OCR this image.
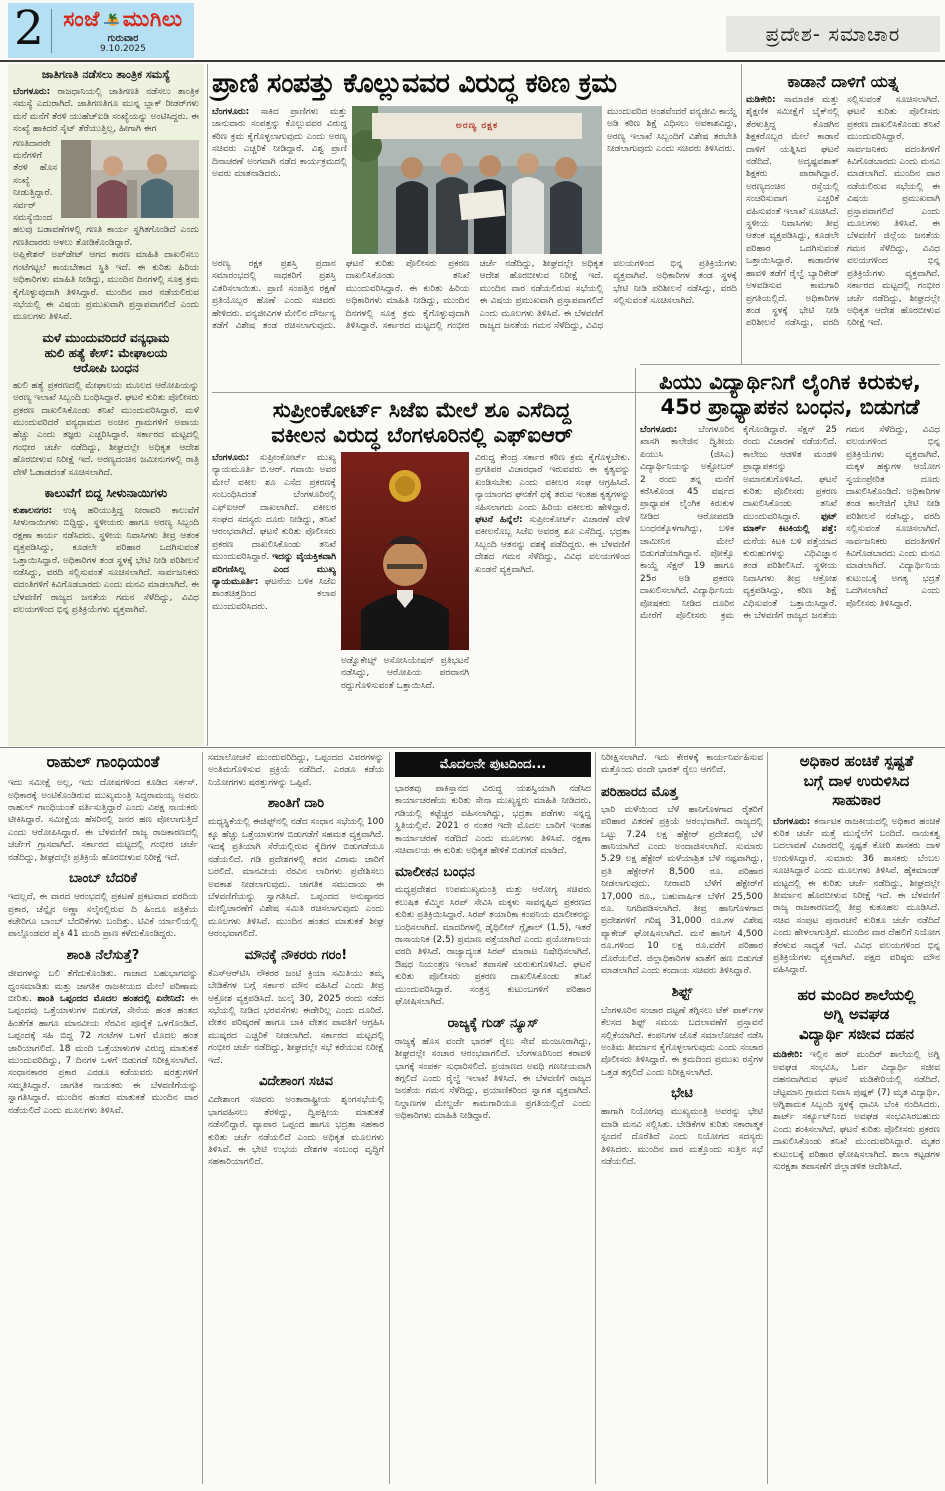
2 ಸಂಜೆ ಮುಗಿಲು
ಗುರುವಾರ
9.10.2025
ಪ್ರದೇಶ- ಸಮಾಚಾರ
ಜಾತಿಗಣತಿ ನಡೆಸಲು ತಾಂತ್ರಿಕ ಸಮಸ್ಯೆ
ಬೆಂಗಳೂರು: ರಾಜಧಾನಿಯಲ್ಲಿ ಜಾತಿಗಣತಿ ನಡೆಸಲು ತಾಂತ್ರಿಕ ಸಮಸ್ಯೆ ಎದುರಾಗಿದೆ. ಜಾತಿಗಣತಿಗೂ ಮುನ್ನ ಬ್ಲಾಕ್ ರೀಡರ್‌ಗಳು ಮನೆ ಮನೆಗೆ ತೆರಳಿ ಯುಹೆಚ್‌ಐಡಿ ಸಂಖ್ಯೆಯನ್ನು ಅಂಟಿಸಿದ್ದರು. ಈ ಸಂಖ್ಯೆ ಹಾಕಿದರೆ ಸೈಟ್ ತೆರೆಯುತ್ತಿಲ್ಲ, ಹೀಗಾಗಿ ಈಗ
ಗಣತಿದಾರರೇ ಮನೆಗಳಿಗೆ ತೆರಳಿ ಹೊಸ ಸಂಖ್ಯೆ ನೀಡುತ್ತಿದ್ದಾರೆ. ಸರ್ವರ್ ಸಮಸ್ಯೆಯಿಂದ ಹಲವು ಬಡಾವಣೆಗಳಲ್ಲಿ ಗಣತಿ ಕಾರ್ಯ ಸ್ಥಗಿತಗೊಂಡಿದೆ ಎಂದು ಗಣತಿದಾರರು ಅಳಲು ತೋಡಿಕೊಂಡಿದ್ದಾರೆ.
ಅಪ್ಲಿಕೇಶನ್ ಅಪ್‌ಡೇಟ್ ಆಗದ ಕಾರಣ ಮಾಹಿತಿ ದಾಖಲಿಸಲು ಗಂಟೆಗಟ್ಟಲೆ ಕಾಯಬೇಕಾದ ಸ್ಥಿತಿ ಇದೆ. ಈ ಕುರಿತು ಹಿರಿಯ ಅಧಿಕಾರಿಗಳು ಮಾಹಿತಿ ನೀಡಿದ್ದು, ಮುಂದಿನ ದಿನಗಳಲ್ಲಿ ಸೂಕ್ತ ಕ್ರಮ ಕೈಗೊಳ್ಳುವುದಾಗಿ ತಿಳಿಸಿದ್ದಾರೆ. ಮುಂದಿನ ವಾರ ನಡೆಯಲಿರುವ ಸಭೆಯಲ್ಲಿ ಈ ವಿಷಯ ಪ್ರಮುಖವಾಗಿ ಪ್ರಸ್ತಾಪವಾಗಲಿದೆ ಎಂದು ಮೂಲಗಳು ತಿಳಿಸಿವೆ.
ಮಳೆ ಮುಂದುವರಿದರೆ ವನ್ಯಧಾಮ
ಹುಲಿ ಹತ್ಯೆ ಕೇಸ್: ಮೇಘಾಲಯ
ಆರೋಪಿ ಬಂಧನ
ಹುಲಿ ಹತ್ಯೆ ಪ್ರಕರಣದಲ್ಲಿ ಮೇಘಾಲಯ ಮೂಲದ ಆರೋಪಿಯನ್ನು ಅರಣ್ಯ ಇಲಾಖೆ ಸಿಬ್ಬಂದಿ ಬಂಧಿಸಿದ್ದಾರೆ. ಘಟನೆ ಕುರಿತು ಪೊಲೀಸರು ಪ್ರಕರಣ ದಾಖಲಿಸಿಕೊಂಡು ತನಿಖೆ ಮುಂದುವರಿಸಿದ್ದಾರೆ. ಮಳೆ ಮುಂದುವರಿದರೆ ವನ್ಯಧಾಮದ ಅಂಚಿನ ಗ್ರಾಮಗಳಿಗೆ ಅಪಾಯ ಹೆಚ್ಚು ಎಂದು ತಜ್ಞರು ಎಚ್ಚರಿಸಿದ್ದಾರೆ. ಸರ್ಕಾರದ ಮಟ್ಟದಲ್ಲಿ ಗಂಭೀರ ಚರ್ಚೆ ನಡೆದಿದ್ದು, ಶೀಘ್ರದಲ್ಲೇ ಅಧಿಕೃತ ಆದೇಶ ಹೊರಬೀಳುವ ನಿರೀಕ್ಷೆ ಇದೆ. ಅರಣ್ಯದಂಚಿನ ಜಮೀನುಗಳಲ್ಲಿ ರಾತ್ರಿ ವೇಳೆ ಓಡಾಡದಂತೆ ಸೂಚಿಸಲಾಗಿದೆ.
ಕಾಲುವೆಗೆ ಬಿದ್ದ ಸೀಳುನಾಯಿಗಳು
ಕುಶಾಲನಗರ: ಉಕ್ಕಿ ಹರಿಯುತ್ತಿದ್ದ ನೀರಾವರಿ ಕಾಲುವೆಗೆ ಸೀಳುನಾಯಿಗಳು ಬಿದ್ದಿದ್ದು, ಸ್ಥಳೀಯರು ಹಾಗೂ ಅರಣ್ಯ ಸಿಬ್ಬಂದಿ ರಕ್ಷಣಾ ಕಾರ್ಯ ನಡೆಸಿದರು. ಸ್ಥಳೀಯ ನಿವಾಸಿಗಳು ತೀವ್ರ ಆತಂಕ ವ್ಯಕ್ತಪಡಿಸಿದ್ದು, ಕೂಡಲೇ ಪರಿಹಾರ ಒದಗಿಸುವಂತೆ ಒತ್ತಾಯಿಸಿದ್ದಾರೆ. ಅಧಿಕಾರಿಗಳ ತಂಡ ಸ್ಥಳಕ್ಕೆ ಭೇಟಿ ನೀಡಿ ಪರಿಶೀಲನೆ ನಡೆಸಿದ್ದು, ವರದಿ ಸಲ್ಲಿಸುವಂತೆ ಸೂಚಿಸಲಾಗಿದೆ. ಸಾರ್ವಜನಿಕರು ವದಂತಿಗಳಿಗೆ ಕಿವಿಗೊಡಬಾರದು ಎಂದು ಮನವಿ ಮಾಡಲಾಗಿದೆ. ಈ ಬೆಳವಣಿಗೆ ರಾಜ್ಯದ ಜನತೆಯ ಗಮನ ಸೆಳೆದಿದ್ದು, ವಿವಿಧ ವಲಯಗಳಿಂದ ಭಿನ್ನ ಪ್ರತಿಕ್ರಿಯೆಗಳು ವ್ಯಕ್ತವಾಗಿವೆ.
ಪ್ರಾಣಿ ಸಂಪತ್ತು ಕೊಲ್ಲುವವರ ವಿರುದ್ಧ ಕಠಿಣ ಕ್ರಮ
ಅರಣ್ಯ ರಕ್ಷಕ
ಬೆಂಗಳೂರು: ಸಾಕಿದ ಪ್ರಾಣಿಗಳು ಮತ್ತು ಜಾನುವಾರು ಸಂಪತ್ತನ್ನು ಕೊಲ್ಲುವವರ ವಿರುದ್ಧ ಕಠಿಣ ಕ್ರಮ ಕೈಗೊಳ್ಳಲಾಗುವುದು ಎಂದು ಅರಣ್ಯ ಸಚಿವರು ಎಚ್ಚರಿಕೆ ನೀಡಿದ್ದಾರೆ. ವಿಶ್ವ ಪ್ರಾಣಿ ದಿನಾಚರಣೆ ಅಂಗವಾಗಿ ನಡೆದ ಕಾರ್ಯಕ್ರಮದಲ್ಲಿ ಅವರು ಮಾತನಾಡಿದರು.
ಮುಂದುವರಿದ ಅಂಶವೆಂದರೆ ವನ್ಯಜೀವಿ ಕಾಯ್ದೆ ಅಡಿ ಕಠಿಣ ಶಿಕ್ಷೆ ವಿಧಿಸಲು ಅವಕಾಶವಿದ್ದು, ಅರಣ್ಯ ಇಲಾಖೆ ಸಿಬ್ಬಂದಿಗೆ ವಿಶೇಷ ತರಬೇತಿ ನೀಡಲಾಗುವುದು ಎಂದು ಸಚಿವರು ತಿಳಿಸಿದರು.
ಅರಣ್ಯ ರಕ್ಷಕ ಪ್ರಶಸ್ತಿ ಪ್ರದಾನ ಸಮಾರಂಭದಲ್ಲಿ ಸಾಧಕರಿಗೆ ಪ್ರಶಸ್ತಿ ವಿತರಿಸಲಾಯಿತು. ಪ್ರಾಣಿ ಸಂಪತ್ತಿನ ರಕ್ಷಣೆ ಪ್ರತಿಯೊಬ್ಬರ ಹೊಣೆ ಎಂದು ಸಚಿವರು ಹೇಳಿದರು. ವನ್ಯಜೀವಿಗಳ ಮೇಲಿನ ದೌರ್ಜನ್ಯ ತಡೆಗೆ ವಿಶೇಷ ತಂಡ ರಚಿಸಲಾಗುವುದು. ಘಟನೆ ಕುರಿತು ಪೊಲೀಸರು ಪ್ರಕರಣ ದಾಖಲಿಸಿಕೊಂಡು ತನಿಖೆ ಮುಂದುವರಿಸಿದ್ದಾರೆ. ಈ ಕುರಿತು ಹಿರಿಯ ಅಧಿಕಾರಿಗಳು ಮಾಹಿತಿ ನೀಡಿದ್ದು, ಮುಂದಿನ ದಿನಗಳಲ್ಲಿ ಸೂಕ್ತ ಕ್ರಮ ಕೈಗೊಳ್ಳುವುದಾಗಿ ತಿಳಿಸಿದ್ದಾರೆ. ಸರ್ಕಾರದ ಮಟ್ಟದಲ್ಲಿ ಗಂಭೀರ ಚರ್ಚೆ ನಡೆದಿದ್ದು, ಶೀಘ್ರದಲ್ಲೇ ಅಧಿಕೃತ ಆದೇಶ ಹೊರಬೀಳುವ ನಿರೀಕ್ಷೆ ಇದೆ. ಮುಂದಿನ ವಾರ ನಡೆಯಲಿರುವ ಸಭೆಯಲ್ಲಿ ಈ ವಿಷಯ ಪ್ರಮುಖವಾಗಿ ಪ್ರಸ್ತಾಪವಾಗಲಿದೆ ಎಂದು ಮೂಲಗಳು ತಿಳಿಸಿವೆ. ಈ ಬೆಳವಣಿಗೆ ರಾಜ್ಯದ ಜನತೆಯ ಗಮನ ಸೆಳೆದಿದ್ದು, ವಿವಿಧ ವಲಯಗಳಿಂದ ಭಿನ್ನ ಪ್ರತಿಕ್ರಿಯೆಗಳು ವ್ಯಕ್ತವಾಗಿವೆ. ಅಧಿಕಾರಿಗಳ ತಂಡ ಸ್ಥಳಕ್ಕೆ ಭೇಟಿ ನೀಡಿ ಪರಿಶೀಲನೆ ನಡೆಸಿದ್ದು, ವರದಿ ಸಲ್ಲಿಸುವಂತೆ ಸೂಚಿಸಲಾಗಿದೆ.
ಕಾಡಾನೆ ದಾಳಿಗೆ ಯತ್ನ
ಮಡಿಕೇರಿ: ಸಾಮಾಜಿಕ ಮತ್ತು ಶೈಕ್ಷಣಿಕ ಸಮೀಕ್ಷೆಗೆ ಬೈಕ್‌ನಲ್ಲಿ ತೆರಳುತ್ತಿದ್ದ ಕೊಡಗಿನ ಶಿಕ್ಷಕರೊಬ್ಬರ ಮೇಲೆ ಕಾಡಾನೆ ದಾಳಿಗೆ ಯತ್ನಿಸಿದ ಘಟನೆ ನಡೆದಿದೆ. ಅದೃಷ್ಟವಶಾತ್ ಶಿಕ್ಷಕರು ಪಾರಾಗಿದ್ದಾರೆ. ಅರಣ್ಯದಂಚಿನ ರಸ್ತೆಯಲ್ಲಿ ಸಂಚರಿಸುವಾಗ ಎಚ್ಚರಿಕೆ ವಹಿಸುವಂತೆ ಇಲಾಖೆ ಸೂಚಿಸಿದೆ. ಸ್ಥಳೀಯ ನಿವಾಸಿಗಳು ತೀವ್ರ ಆತಂಕ ವ್ಯಕ್ತಪಡಿಸಿದ್ದು, ಕೂಡಲೇ ಪರಿಹಾರ ಒದಗಿಸುವಂತೆ ಒತ್ತಾಯಿಸಿದ್ದಾರೆ. ಕಾಡಾನೆಗಳ ಹಾವಳಿ ತಡೆಗೆ ರೈಲ್ವೆ ಬ್ಯಾರಿಕೇಡ್ ಅಳವಡಿಸುವ ಕಾಮಗಾರಿ ಪ್ರಗತಿಯಲ್ಲಿದೆ. ಅಧಿಕಾರಿಗಳ ತಂಡ ಸ್ಥಳಕ್ಕೆ ಭೇಟಿ ನೀಡಿ ಪರಿಶೀಲನೆ ನಡೆಸಿದ್ದು, ವರದಿ ಸಲ್ಲಿಸುವಂತೆ ಸೂಚಿಸಲಾಗಿದೆ. ಘಟನೆ ಕುರಿತು ಪೊಲೀಸರು ಪ್ರಕರಣ ದಾಖಲಿಸಿಕೊಂಡು ತನಿಖೆ ಮುಂದುವರಿಸಿದ್ದಾರೆ. ಸಾರ್ವಜನಿಕರು ವದಂತಿಗಳಿಗೆ ಕಿವಿಗೊಡಬಾರದು ಎಂದು ಮನವಿ ಮಾಡಲಾಗಿದೆ. ಮುಂದಿನ ವಾರ ನಡೆಯಲಿರುವ ಸಭೆಯಲ್ಲಿ ಈ ವಿಷಯ ಪ್ರಮುಖವಾಗಿ ಪ್ರಸ್ತಾಪವಾಗಲಿದೆ ಎಂದು ಮೂಲಗಳು ತಿಳಿಸಿವೆ. ಈ ಬೆಳವಣಿಗೆ ಜಿಲ್ಲೆಯ ಜನತೆಯ ಗಮನ ಸೆಳೆದಿದ್ದು, ವಿವಿಧ ವಲಯಗಳಿಂದ ಭಿನ್ನ ಪ್ರತಿಕ್ರಿಯೆಗಳು ವ್ಯಕ್ತವಾಗಿವೆ. ಸರ್ಕಾರದ ಮಟ್ಟದಲ್ಲಿ ಗಂಭೀರ ಚರ್ಚೆ ನಡೆದಿದ್ದು, ಶೀಘ್ರದಲ್ಲೇ ಅಧಿಕೃತ ಆದೇಶ ಹೊರಬೀಳುವ ನಿರೀಕ್ಷೆ ಇದೆ.
ಸುಪ್ರೀಂಕೋರ್ಟ್ ಸಿಜೆಐ ಮೇಲೆ ಶೂ ಎಸೆದಿದ್ದ
ವಕೀಲನ ವಿರುದ್ಧ ಬೆಂಗಳೂರಿನಲ್ಲಿ ಎಫ್ಐಆರ್
ಬೆಂಗಳೂರು: ಸುಪ್ರೀಂಕೋರ್ಟ್ ಮುಖ್ಯ ನ್ಯಾಯಮೂರ್ತಿ ಬಿ.ಆರ್. ಗವಾಯಿ ಅವರ ಮೇಲೆ ವಕೀಲ ಶೂ ಎಸೆದ ಪ್ರಕರಣಕ್ಕೆ ಸಂಬಂಧಿಸಿದಂತೆ ಬೆಂಗಳೂರಿನಲ್ಲಿ ಎಫ್ಐಆರ್ ದಾಖಲಾಗಿದೆ. ವಕೀಲರ ಸಂಘದ ಸದಸ್ಯರು ದೂರು ನೀಡಿದ್ದು, ತನಿಖೆ ಆರಂಭವಾಗಿದೆ. ಘಟನೆ ಕುರಿತು ಪೊಲೀಸರು ಪ್ರಕರಣ ದಾಖಲಿಸಿಕೊಂಡು ತನಿಖೆ ಮುಂದುವರಿಸಿದ್ದಾರೆ. ಇದನ್ನು ವೈಯಕ್ತಿಕವಾಗಿ ಪರಿಗಣಿಸಿಲ್ಲ ಎಂದ ಮುಖ್ಯ ನ್ಯಾಯಮೂರ್ತಿ: ಘಟನೆಯ ಬಳಿಕ ಸಿಜೆಐ ಶಾಂತಚಿತ್ತದಿಂದ ಕಲಾಪ ಮುಂದುವರಿಸಿದರು.
ವಿರುದ್ಧ ಕೇಂದ್ರ ಸರ್ಕಾರ ಕಠಿಣ ಕ್ರಮ ಕೈಗೊಳ್ಳಬೇಕು. ಪ್ರಗತಿಪರ ವಿಚಾರಧಾರೆ ಇರುವವರು ಈ ಕೃತ್ಯವನ್ನು ಖಂಡಿಸಬೇಕು ಎಂದು ವಕೀಲರ ಸಂಘ ಆಗ್ರಹಿಸಿದೆ. ನ್ಯಾಯಾಂಗದ ಘನತೆಗೆ ಧಕ್ಕೆ ತರುವ ಇಂತಹ ಕೃತ್ಯಗಳನ್ನು ಸಹಿಸಲಾಗದು ಎಂದು ಹಿರಿಯ ವಕೀಲರು ಹೇಳಿದ್ದಾರೆ. ಘಟನೆ ಹಿನ್ನೆಲೆ: ಸುಪ್ರೀಂಕೋರ್ಟ್ ವಿಚಾರಣೆ ವೇಳೆ ವಕೀಲನೊಬ್ಬ ಸಿಜೆಐ ಅವರತ್ತ ಶೂ ಎಸೆದಿದ್ದ. ಭದ್ರತಾ ಸಿಬ್ಬಂದಿ ಆತನನ್ನು ವಶಕ್ಕೆ ಪಡೆದಿದ್ದರು. ಈ ಬೆಳವಣಿಗೆ ದೇಶದ ಗಮನ ಸೆಳೆದಿದ್ದು, ವಿವಿಧ ವಲಯಗಳಿಂದ ಖಂಡನೆ ವ್ಯಕ್ತವಾಗಿದೆ.
ಅಡ್ವೊಕೇಟ್ಸ್ ಅಸೋಸಿಯೇಷನ್ ಪ್ರತಿಭಟನೆ ನಡೆಸಿದ್ದು, ಆರೋಪಿಯ ಪರವಾನಗಿ ರದ್ದುಗೊಳಿಸುವಂತೆ ಒತ್ತಾಯಿಸಿದೆ.
ಪಿಯು ವಿದ್ಯಾರ್ಥಿನಿಗೆ ಲೈಂಗಿಕ ಕಿರುಕುಳ,
45ರ ಪ್ರಾಧ್ಯಾಪಕನ ಬಂಧನ, ಬಿಡುಗಡೆ
ಬೆಂಗಳೂರು: ಬೆಂಗಳೂರಿನ ಖಾಸಗಿ ಕಾಲೇಜಿನ ದ್ವಿತೀಯ ಪಿಯುಸಿ (ಜಿಸಿಎ) ವಿದ್ಯಾರ್ಥಿನಿಯನ್ನು ಅಕ್ಟೋಬರ್ 2 ರಂದು ತನ್ನ ಮನೆಗೆ ಕರೆಸಿಕೊಂಡ 45 ವರ್ಷದ ಪ್ರಾಧ್ಯಾಪಕ ಲೈಂಗಿಕ ಕಿರುಕುಳ ನೀಡಿದ ಆರೋಪದಡಿ ಬಂಧನಕ್ಕೊಳಗಾಗಿದ್ದು, ಬಳಿಕ ಜಾಮೀನಿನ ಮೇಲೆ ಬಿಡುಗಡೆಯಾಗಿದ್ದಾನೆ. ಪೋಕ್ಸೊ ಕಾಯ್ದೆ ಸೆಕ್ಷನ್ 19 ಹಾಗೂ 25ರ ಅಡಿ ಪ್ರಕರಣ ದಾಖಲಿಸಲಾಗಿದೆ. ವಿದ್ಯಾರ್ಥಿನಿಯ ಪೋಷಕರು ನೀಡಿದ ದೂರಿನ ಮೇರೆಗೆ ಪೊಲೀಸರು ಕ್ರಮ ಕೈಗೊಂಡಿದ್ದಾರೆ. ಸೆಕ್ಷನ್ 25 ರಂದು ವಿಚಾರಣೆ ನಡೆಯಲಿದೆ. ಕಾಲೇಜು ಆಡಳಿತ ಮಂಡಳಿ ಪ್ರಾಧ್ಯಾಪಕನನ್ನು ಅಮಾನತುಗೊಳಿಸಿದೆ. ಘಟನೆ ಕುರಿತು ಪೊಲೀಸರು ಪ್ರಕರಣ ದಾಖಲಿಸಿಕೊಂಡು ತನಿಖೆ ಮುಂದುವರಿಸಿದ್ದಾರೆ. ಫುಟ್ ಮಾರ್ಕ್ ಕಿಟಕಿಯಲ್ಲಿ ಪತ್ತೆ: ಮನೆಯ ಕಿಟಕಿ ಬಳಿ ಪತ್ತೆಯಾದ ಕುರುಹುಗಳನ್ನು ವಿಧಿವಿಜ್ಞಾನ ತಂಡ ಪರಿಶೀಲಿಸಿದೆ. ಸ್ಥಳೀಯ ನಿವಾಸಿಗಳು ತೀವ್ರ ಆಕ್ರೋಶ ವ್ಯಕ್ತಪಡಿಸಿದ್ದು, ಕಠಿಣ ಶಿಕ್ಷೆ ವಿಧಿಸುವಂತೆ ಒತ್ತಾಯಿಸಿದ್ದಾರೆ. ಈ ಬೆಳವಣಿಗೆ ರಾಜ್ಯದ ಜನತೆಯ ಗಮನ ಸೆಳೆದಿದ್ದು, ವಿವಿಧ ವಲಯಗಳಿಂದ ಭಿನ್ನ ಪ್ರತಿಕ್ರಿಯೆಗಳು ವ್ಯಕ್ತವಾಗಿವೆ. ಮಕ್ಕಳ ಹಕ್ಕುಗಳ ಆಯೋಗ ಸ್ವಯಂಪ್ರೇರಿತ ದೂರು ದಾಖಲಿಸಿಕೊಂಡಿದೆ. ಅಧಿಕಾರಿಗಳ ತಂಡ ಕಾಲೇಜಿಗೆ ಭೇಟಿ ನೀಡಿ ಪರಿಶೀಲನೆ ನಡೆಸಿದ್ದು, ವರದಿ ಸಲ್ಲಿಸುವಂತೆ ಸೂಚಿಸಲಾಗಿದೆ. ಸಾರ್ವಜನಿಕರು ವದಂತಿಗಳಿಗೆ ಕಿವಿಗೊಡಬಾರದು ಎಂದು ಮನವಿ ಮಾಡಲಾಗಿದೆ. ವಿದ್ಯಾರ್ಥಿನಿಯ ಕುಟುಂಬಕ್ಕೆ ಅಗತ್ಯ ಭದ್ರತೆ ಒದಗಿಸಲಾಗಿದೆ ಎಂದು ಪೊಲೀಸರು ತಿಳಿಸಿದ್ದಾರೆ.
ರಾಹುಲ್ ಗಾಂಧಿಯಂತೆ
ಇದು ಸಮೀಕ್ಷೆ ಅಲ್ಲ, ಇದು ದೋಷಗಳಿಂದ ಕೂಡಿದ ಸರ್ಕಸ್. ಅಧಿಕಾರಕ್ಕೆ ಅಂಟಿಕೊಂಡಿರುವ ಮುಖ್ಯಮಂತ್ರಿ ಸಿದ್ದರಾಮಯ್ಯ ಅವರು ರಾಹುಲ್ ಗಾಂಧಿಯಂತೆ ವರ್ತಿಸುತ್ತಿದ್ದಾರೆ ಎಂದು ವಿಪಕ್ಷ ನಾಯಕರು ಟೀಕಿಸಿದ್ದಾರೆ. ಸಮೀಕ್ಷೆಯ ಹೆಸರಿನಲ್ಲಿ ಜನರ ಹಣ ಪೋಲಾಗುತ್ತಿದೆ ಎಂದು ಆರೋಪಿಸಿದ್ದಾರೆ. ಈ ಬೆಳವಣಿಗೆ ರಾಜ್ಯ ರಾಜಕಾರಣದಲ್ಲಿ ಚರ್ಚೆಗೆ ಗ್ರಾಸವಾಗಿದೆ. ಸರ್ಕಾರದ ಮಟ್ಟದಲ್ಲಿ ಗಂಭೀರ ಚರ್ಚೆ ನಡೆದಿದ್ದು, ಶೀಘ್ರದಲ್ಲೇ ಪ್ರತಿಕ್ರಿಯೆ ಹೊರಬೀಳುವ ನಿರೀಕ್ಷೆ ಇದೆ.
ಬಾಂಬ್ ಬೆದರಿಕೆ
ಇದಲ್ಲದೆ, ಈ ವಾರದ ಆರಂಭದಲ್ಲಿ ಪ್ರಕಟಣೆ ಪ್ರಕಟವಾದ ವರದಿಯ ಪ್ರಕಾರ, ಚೆನ್ನೈನ ಅಣ್ಣಾ ಸಲೈನಲ್ಲಿರುವ ದಿ ಹಿಂದೂ ಪತ್ರಿಕೆಯ ಕಚೇರಿಗೂ ಬಾಂಬ್ ಬೆದರಿಕೆಗಳು ಬಂದಿತ್ತು. ಟಿವಿಕೆ ರ್ಯಾಲಿಯಲ್ಲಿ ಪಾಲ್ಗೊಂಡವರ ಪೈಕಿ 41 ಮಂದಿ ಪ್ರಾಣ ಕಳೆದುಕೊಂಡಿದ್ದರು.
ಶಾಂತಿ ನೆಲೆಸುತ್ತೆ?
ಜೀವಗಳನ್ನು ಬಲಿ ತೆಗೆದುಕೊಂಡಿತು. ಗಾಜಾದ ಬಹುಭಾಗವನ್ನು ಧ್ವಂಸಮಾಡಿತು ಮತ್ತು ಜಾಗತಿಕ ರಾಜಕೀಯದ ಮೇಲೆ ಪರಿಣಾಮ ಬೀರಿತು. ಶಾಂತಿ ಒಪ್ಪಂದದ ಮೊದಲ ಹಂತದಲ್ಲಿ ಏನೇನಿದೆ: ಈ ಒಪ್ಪಂದವು ಒತ್ತೆಯಾಳುಗಳ ಬಿಡುಗಡೆ, ಸೇನೆಯ ಹಂತ ಹಂತದ ಹಿಂತೆಗೆತ ಹಾಗೂ ಮಾನವೀಯ ನೆರವಿನ ಪೂರೈಕೆ ಒಳಗೊಂಡಿದೆ. ಒಪ್ಪಂದಕ್ಕೆ ಸಹಿ ಬಿದ್ದ 72 ಗಂಟೆಗಳ ಒಳಗೆ ಮೊದಲ ಹಂತ ಜಾರಿಯಾಗಲಿದೆ. 18 ಮಂದಿ ಒತ್ತೆಯಾಳುಗಳ ವಿರುದ್ಧ ಮಾತುಕತೆ ಮುಂದುವರಿದಿದ್ದು, 7 ದಿನಗಳ ಒಳಗೆ ಬಿಡುಗಡೆ ನಿರೀಕ್ಷಿಸಲಾಗಿದೆ. ಸಂಧಾನಕಾರರ ಪ್ರಕಾರ ಎರಡೂ ಕಡೆಯವರು ಷರತ್ತುಗಳಿಗೆ ಸಮ್ಮತಿಸಿದ್ದಾರೆ. ಜಾಗತಿಕ ನಾಯಕರು ಈ ಬೆಳವಣಿಗೆಯನ್ನು ಸ್ವಾಗತಿಸಿದ್ದಾರೆ. ಮುಂದಿನ ಹಂತದ ಮಾತುಕತೆ ಮುಂದಿನ ವಾರ ನಡೆಯಲಿದೆ ಎಂದು ಮೂಲಗಳು ತಿಳಿಸಿವೆ.
ಸಮಾಲೋಚನೆ ಮುಂದುವರಿದಿದ್ದು, ಒಪ್ಪಂದದ ವಿವರಗಳನ್ನು ಅಂತಿಮಗೊಳಿಸುವ ಪ್ರಕ್ರಿಯೆ ನಡೆದಿದೆ. ಎರಡೂ ಕಡೆಯ ನಿಯೋಗಗಳು ಷರತ್ತುಗಳನ್ನು ಒಪ್ಪಿವೆ.
ಶಾಂತಿಗೆ ದಾರಿ
ಮಧ್ಯಸ್ಥಿಕೆಯಲ್ಲಿ ಈಜಿಪ್ಟ್‌ನಲ್ಲಿ ನಡೆದ ಸಂಧಾನ ಸಭೆಯಲ್ಲಿ 100 ಕ್ಕೂ ಹೆಚ್ಚು ಒತ್ತೆಯಾಳುಗಳ ಬಿಡುಗಡೆಗೆ ಸಹಮತ ವ್ಯಕ್ತವಾಗಿದೆ. ಇದಕ್ಕೆ ಪ್ರತಿಯಾಗಿ ಸೆರೆಯಲ್ಲಿರುವ ಕೈದಿಗಳ ಬಿಡುಗಡೆಯೂ ನಡೆಯಲಿದೆ. ಗಡಿ ಪ್ರದೇಶಗಳಲ್ಲಿ ಕದನ ವಿರಾಮ ಜಾರಿಗೆ ಬರಲಿದೆ. ಮಾನವೀಯ ನೆರವಿನ ಲಾರಿಗಳು ಪ್ರವೇಶಿಸಲು ಅವಕಾಶ ನೀಡಲಾಗುವುದು. ಜಾಗತಿಕ ಸಮುದಾಯ ಈ ಬೆಳವಣಿಗೆಯನ್ನು ಸ್ವಾಗತಿಸಿದೆ. ಒಪ್ಪಂದದ ಅನುಷ್ಠಾನದ ಮೇಲ್ವಿಚಾರಣೆಗೆ ವಿಶೇಷ ಸಮಿತಿ ರಚಿಸಲಾಗುವುದು ಎಂದು ಮೂಲಗಳು ತಿಳಿಸಿವೆ. ಮುಂದಿನ ಹಂತದ ಮಾತುಕತೆ ಶೀಘ್ರ ಆರಂಭವಾಗಲಿದೆ.
ಮೌನಕ್ಕೆ ನೌಕರರು ಗರಂ!
ಕೆಎಸ್ಆರ್‌ಟಿಸಿ ನೌಕರರ ಜಂಟಿ ಕ್ರಿಯಾ ಸಮಿತಿಯು ತಮ್ಮ ಬೇಡಿಕೆಗಳ ಬಗ್ಗೆ ಸರ್ಕಾರ ಮೌನ ವಹಿಸಿದೆ ಎಂದು ತೀವ್ರ ಆಕ್ರೋಶ ವ್ಯಕ್ತಪಡಿಸಿದೆ. ಜುಲೈ 30, 2025 ರಂದು ನಡೆದ ಸಭೆಯಲ್ಲಿ ನೀಡಿದ ಭರವಸೆಗಳು ಈಡೇರಿಲ್ಲ ಎಂದು ದೂರಿದೆ. ವೇತನ ಪರಿಷ್ಕರಣೆ ಹಾಗೂ ಬಾಕಿ ವೇತನ ಪಾವತಿಗೆ ಆಗ್ರಹಿಸಿ ಮುಷ್ಕರದ ಎಚ್ಚರಿಕೆ ನೀಡಲಾಗಿದೆ. ಸರ್ಕಾರದ ಮಟ್ಟದಲ್ಲಿ ಗಂಭೀರ ಚರ್ಚೆ ನಡೆದಿದ್ದು, ಶೀಘ್ರದಲ್ಲೇ ಸಭೆ ಕರೆಯುವ ನಿರೀಕ್ಷೆ ಇದೆ.
ವಿದೇಶಾಂಗ ಸಚಿವ
ವಿದೇಶಾಂಗ ಸಚಿವರು ಅಂತಾರಾಷ್ಟ್ರೀಯ ಶೃಂಗಸಭೆಯಲ್ಲಿ ಭಾಗವಹಿಸಲು ತೆರಳಿದ್ದು, ದ್ವಿಪಕ್ಷೀಯ ಮಾತುಕತೆ ನಡೆಸಲಿದ್ದಾರೆ. ವ್ಯಾಪಾರ ಒಪ್ಪಂದ ಹಾಗೂ ಭದ್ರತಾ ಸಹಕಾರ ಕುರಿತು ಚರ್ಚೆ ನಡೆಯಲಿದೆ ಎಂದು ಅಧಿಕೃತ ಮೂಲಗಳು ತಿಳಿಸಿವೆ. ಈ ಭೇಟಿ ಉಭಯ ದೇಶಗಳ ಸಂಬಂಧ ವೃದ್ಧಿಗೆ ಸಹಕಾರಿಯಾಗಲಿದೆ.
ಮೊದಲನೇ ಪುಟದಿಂದ...
ಭಾರತವು ಪಾಕಿಸ್ತಾನದ ವಿರುದ್ಧ ಯಶಸ್ವಿಯಾಗಿ ನಡೆಸಿದ ಕಾರ್ಯಾಚರಣೆಯ ಕುರಿತು ಸೇನಾ ಮುಖ್ಯಸ್ಥರು ಮಾಹಿತಿ ನೀಡಿದರು. ಗಡಿಯಲ್ಲಿ ಕಟ್ಟೆಚ್ಚರ ವಹಿಸಲಾಗಿದ್ದು, ಭದ್ರತಾ ಪಡೆಗಳು ಸನ್ನದ್ಧ ಸ್ಥಿತಿಯಲ್ಲಿವೆ. 2021 ರ ನಂತರ ಇದೇ ಮೊದಲ ಬಾರಿಗೆ ಇಂತಹ ಕಾರ್ಯಾಚರಣೆ ನಡೆದಿದೆ ಎಂದು ಮೂಲಗಳು ತಿಳಿಸಿವೆ. ರಕ್ಷಣಾ ಸಚಿವಾಲಯ ಈ ಕುರಿತು ಅಧಿಕೃತ ಹೇಳಿಕೆ ಬಿಡುಗಡೆ ಮಾಡಿದೆ.
ಮಾಲೀಕನ ಬಂಧನ
ಮಧ್ಯಪ್ರದೇಶದ ಉಪಮುಖ್ಯಮಂತ್ರಿ ಮತ್ತು ಆರೋಗ್ಯ ಸಚಿವರು ಕಲುಷಿತ ಕೆಮ್ಮಿನ ಸಿರಪ್ ಸೇವಿಸಿ ಮಕ್ಕಳು ಸಾವನ್ನಪ್ಪಿದ ಪ್ರಕರಣದ ಕುರಿತು ಪ್ರತಿಕ್ರಿಯಿಸಿದ್ದಾರೆ. ಸಿರಪ್ ತಯಾರಿಕಾ ಕಂಪನಿಯ ಮಾಲೀಕನನ್ನು ಬಂಧಿಸಲಾಗಿದೆ. ಮಾದರಿಗಳಲ್ಲಿ ಡೈಥಿಲೀನ್ ಗ್ಲೈಕಾಲ್ (1.5), ಇತರೆ ರಾಸಾಯನಿಕ (2.5) ಪ್ರಮಾಣ ಪತ್ತೆಯಾಗಿದೆ ಎಂದು ಪ್ರಯೋಗಾಲಯ ವರದಿ ತಿಳಿಸಿದೆ. ರಾಜ್ಯಾದ್ಯಂತ ಸಿರಪ್ ಮಾರಾಟ ನಿಷೇಧಿಸಲಾಗಿದೆ. ಔಷಧ ನಿಯಂತ್ರಣ ಇಲಾಖೆ ತಪಾಸಣೆ ಚುರುಕುಗೊಳಿಸಿದೆ. ಘಟನೆ ಕುರಿತು ಪೊಲೀಸರು ಪ್ರಕರಣ ದಾಖಲಿಸಿಕೊಂಡು ತನಿಖೆ ಮುಂದುವರಿಸಿದ್ದಾರೆ. ಸಂತ್ರಸ್ತ ಕುಟುಂಬಗಳಿಗೆ ಪರಿಹಾರ ಘೋಷಿಸಲಾಗಿದೆ.
ರಾಜ್ಯಕ್ಕೆ ಗುಡ್ ನ್ಯೂಸ್
ರಾಜ್ಯಕ್ಕೆ ಹೊಸ ವಂದೇ ಭಾರತ್ ರೈಲು ಸೇವೆ ಮಂಜೂರಾಗಿದ್ದು, ಶೀಘ್ರದಲ್ಲೇ ಸಂಚಾರ ಆರಂಭವಾಗಲಿದೆ. ಬೆಂಗಳೂರಿನಿಂದ ಕರಾವಳಿ ಭಾಗಕ್ಕೆ ಸಂಪರ್ಕ ಸುಧಾರಿಸಲಿದೆ. ಪ್ರಯಾಣದ ಅವಧಿ ಗಣನೀಯವಾಗಿ ತಗ್ಗಲಿದೆ ಎಂದು ರೈಲ್ವೆ ಇಲಾಖೆ ತಿಳಿಸಿದೆ. ಈ ಬೆಳವಣಿಗೆ ರಾಜ್ಯದ ಜನತೆಯ ಗಮನ ಸೆಳೆದಿದ್ದು, ಪ್ರಯಾಣಿಕರಿಂದ ಸ್ವಾಗತ ವ್ಯಕ್ತವಾಗಿದೆ. ನಿಲ್ದಾಣಗಳ ಮೇಲ್ದರ್ಜೆ ಕಾಮಗಾರಿಯೂ ಪ್ರಗತಿಯಲ್ಲಿದೆ ಎಂದು ಅಧಿಕಾರಿಗಳು ಮಾಹಿತಿ ನೀಡಿದ್ದಾರೆ.
ನಿರೀಕ್ಷಿಸಲಾಗಿದೆ. ಇದು ಕೇರಳಕ್ಕೆ ಕಾರ್ಯನಿರ್ವಹಿಸುವ ಮತ್ತೊಂದು ವಂದೇ ಭಾರತ್ ರೈಲು ಆಗಲಿದೆ.
ಪರಿಹಾರದ ಮೊತ್ತ
ಭಾರಿ ಮಳೆಯಿಂದ ಬೆಳೆ ಹಾನಿಗೊಳಗಾದ ರೈತರಿಗೆ ಪರಿಹಾರ ವಿತರಣೆ ಪ್ರಕ್ರಿಯೆ ಆರಂಭವಾಗಿದೆ. ರಾಜ್ಯದಲ್ಲಿ ಒಟ್ಟು 7.24 ಲಕ್ಷ ಹೆಕ್ಟೇರ್ ಪ್ರದೇಶದಲ್ಲಿ ಬೆಳೆ ಹಾನಿಯಾಗಿದೆ ಎಂದು ಅಂದಾಜಿಸಲಾಗಿದೆ. ಸುಮಾರು 5.29 ಲಕ್ಷ ಹೆಕ್ಟೇರ್ ಮಳೆಯಾಶ್ರಿತ ಬೆಳೆ ನಷ್ಟವಾಗಿದ್ದು, ಪ್ರತಿ ಹೆಕ್ಟೇರ್‌ಗೆ 8,500 ರೂ. ಪರಿಹಾರ ನೀಡಲಾಗುವುದು. ನೀರಾವರಿ ಬೆಳೆಗೆ ಹೆಕ್ಟೇರ್‌ಗೆ 17,000 ರೂ., ಬಹುವಾರ್ಷಿಕ ಬೆಳೆಗೆ 25,500 ರೂ. ನಿಗದಿಪಡಿಸಲಾಗಿದೆ. ತೀವ್ರ ಹಾನಿಗೊಳಗಾದ ಪ್ರದೇಶಗಳಿಗೆ ಗರಿಷ್ಠ 31,000 ರೂ.ಗಳ ವಿಶೇಷ ಪ್ಯಾಕೇಜ್ ಘೋಷಿಸಲಾಗಿದೆ. ಮನೆ ಹಾನಿಗೆ 4,500 ರೂ.ಗಳಿಂದ 10 ಲಕ್ಷ ರೂ.ವರೆಗೆ ಪರಿಹಾರ ದೊರೆಯಲಿದೆ. ಜಿಲ್ಲಾಧಿಕಾರಿಗಳ ಖಾತೆಗೆ ಹಣ ಬಿಡುಗಡೆ ಮಾಡಲಾಗಿದೆ ಎಂದು ಕಂದಾಯ ಸಚಿವರು ತಿಳಿಸಿದ್ದಾರೆ.
ಶಿಫ್ಟ್
ಬೆಂಗಳೂರಿನ ಸಂಚಾರ ದಟ್ಟಣೆ ತಗ್ಗಿಸಲು ಟೆಕ್ ಪಾರ್ಕ್‌ಗಳ ಕೆಲಸದ ಶಿಫ್ಟ್ ಸಮಯ ಬದಲಾವಣೆಗೆ ಪ್ರಸ್ತಾವನೆ ಸಲ್ಲಿಕೆಯಾಗಿದೆ. ಕಂಪನಿಗಳ ಜೊತೆ ಸಮಾಲೋಚನೆ ನಡೆಸಿ ಅಂತಿಮ ತೀರ್ಮಾನ ಕೈಗೊಳ್ಳಲಾಗುವುದು ಎಂದು ಸಂಚಾರ ಪೊಲೀಸರು ತಿಳಿಸಿದ್ದಾರೆ. ಈ ಕ್ರಮದಿಂದ ಪ್ರಮುಖ ರಸ್ತೆಗಳ ಒತ್ತಡ ತಗ್ಗಲಿದೆ ಎಂದು ನಿರೀಕ್ಷಿಸಲಾಗಿದೆ.
ಭೇಟಿ
ಹಾಗಾಗಿ ನಿಯೋಗವು ಮುಖ್ಯಮಂತ್ರಿ ಅವರನ್ನು ಭೇಟಿ ಮಾಡಿ ಮನವಿ ಸಲ್ಲಿಸಿತು. ಬೇಡಿಕೆಗಳ ಕುರಿತು ಸಕಾರಾತ್ಮಕ ಸ್ಪಂದನೆ ದೊರೆತಿದೆ ಎಂದು ನಿಯೋಗದ ಸದಸ್ಯರು ತಿಳಿಸಿದರು. ಮುಂದಿನ ವಾರ ಮತ್ತೊಂದು ಸುತ್ತಿನ ಸಭೆ ನಡೆಯಲಿದೆ.
ಅಧಿಕಾರ ಹಂಚಿಕೆ ಸ್ಪಷ್ಟತೆ
ಬಗ್ಗೆ ದಾಳ ಉರುಳಿಸಿದ
ಸಾಹುಕಾರ
ಬೆಂಗಳೂರು: ಕರ್ನಾಟಕ ರಾಜಕೀಯದಲ್ಲಿ ಅಧಿಕಾರ ಹಂಚಿಕೆ ಕುರಿತ ಚರ್ಚೆ ಮತ್ತೆ ಮುನ್ನೆಲೆಗೆ ಬಂದಿದೆ. ನಾಯಕತ್ವ ಬದಲಾವಣೆ ವಿಚಾರದಲ್ಲಿ ಸ್ಪಷ್ಟತೆ ಕೋರಿ ಶಾಸಕರು ದಾಳ ಉರುಳಿಸಿದ್ದಾರೆ. ಸುಮಾರು 36 ಶಾಸಕರು ಬೆಂಬಲ ಸೂಚಿಸಿದ್ದಾರೆ ಎಂದು ಮೂಲಗಳು ತಿಳಿಸಿವೆ. ಹೈಕಮಾಂಡ್ ಮಟ್ಟದಲ್ಲಿ ಈ ಕುರಿತು ಚರ್ಚೆ ನಡೆದಿದ್ದು, ಶೀಘ್ರದಲ್ಲೇ ತೀರ್ಮಾನ ಹೊರಬೀಳುವ ನಿರೀಕ್ಷೆ ಇದೆ. ಈ ಬೆಳವಣಿಗೆ ರಾಜ್ಯ ರಾಜಕಾರಣದಲ್ಲಿ ತೀವ್ರ ಕುತೂಹಲ ಮೂಡಿಸಿದೆ. ಸಚಿವ ಸಂಪುಟ ಪುನಾರಚನೆ ಕುರಿತೂ ಚರ್ಚೆ ನಡೆದಿದೆ ಎಂದು ಹೇಳಲಾಗುತ್ತಿದೆ. ಮುಂದಿನ ವಾರ ದೆಹಲಿಗೆ ನಿಯೋಗ ತೆರಳುವ ಸಾಧ್ಯತೆ ಇದೆ. ವಿವಿಧ ವಲಯಗಳಿಂದ ಭಿನ್ನ ಪ್ರತಿಕ್ರಿಯೆಗಳು ವ್ಯಕ್ತವಾಗಿವೆ. ಪಕ್ಷದ ವರಿಷ್ಠರು ಮೌನ ವಹಿಸಿದ್ದಾರೆ.
ಹರ ಮಂದಿರ ಶಾಲೆಯಲ್ಲಿ
ಅಗ್ನಿ ಅವಘಡ
ವಿದ್ಯಾರ್ಥಿ ಸಜೀವ ದಹನ
ಮಡಿಕೇರಿ: ಇಲ್ಲಿನ ಹರ್ ಮಂದಿರ್ ಶಾಲೆಯಲ್ಲಿ ಅಗ್ನಿ ಅವಘಡ ಸಂಭವಿಸಿ, ಓರ್ವ ವಿದ್ಯಾರ್ಥಿ ಸಜೀವ ದಹನವಾಗಿರುವ ಘಟನೆ ಮಡಿಕೇರಿಯಲ್ಲಿ ನಡೆದಿದೆ. ಚೆಟ್ಟಮಾನಿ ಗ್ರಾಮದ ನಿವಾಸಿ ಪುಷ್ಪಕ್ (7) ಮೃತ ವಿದ್ಯಾರ್ಥಿ. ಅಗ್ನಿಶಾಮಕ ಸಿಬ್ಬಂದಿ ಸ್ಥಳಕ್ಕೆ ಧಾವಿಸಿ ಬೆಂಕಿ ನಂದಿಸಿದರು. ಶಾರ್ಟ್ ಸರ್ಕ್ಯೂಟ್‌ನಿಂದ ಅವಘಡ ಸಂಭವಿಸಿರಬಹುದು ಎಂದು ಶಂಕಿಸಲಾಗಿದೆ. ಘಟನೆ ಕುರಿತು ಪೊಲೀಸರು ಪ್ರಕರಣ ದಾಖಲಿಸಿಕೊಂಡು ತನಿಖೆ ಮುಂದುವರಿಸಿದ್ದಾರೆ. ಮೃತರ ಕುಟುಂಬಕ್ಕೆ ಪರಿಹಾರ ಘೋಷಿಸಲಾಗಿದೆ. ಶಾಲಾ ಕಟ್ಟಡಗಳ ಸುರಕ್ಷತಾ ತಪಾಸಣೆಗೆ ಜಿಲ್ಲಾಡಳಿತ ಆದೇಶಿಸಿದೆ.
